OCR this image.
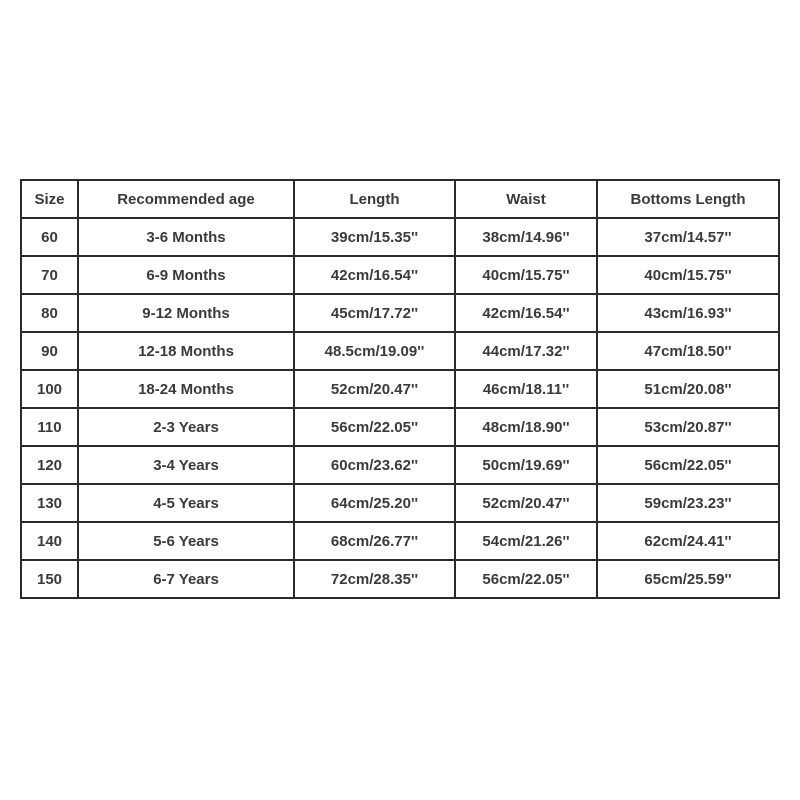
Size	Recommended age	Length	Waist	Bottoms Length
60	3-6 Months	39cm/15.35''	38cm/14.96''	37cm/14.57''
70	6-9 Months	42cm/16.54''	40cm/15.75''	40cm/15.75''
80	9-12 Months	45cm/17.72''	42cm/16.54''	43cm/16.93''
90	12-18 Months	48.5cm/19.09''	44cm/17.32''	47cm/18.50''
100	18-24 Months	52cm/20.47''	46cm/18.11''	51cm/20.08''
110	2-3 Years	56cm/22.05''	48cm/18.90''	53cm/20.87''
120	3-4 Years	60cm/23.62''	50cm/19.69''	56cm/22.05''
130	4-5 Years	64cm/25.20''	52cm/20.47''	59cm/23.23''
140	5-6 Years	68cm/26.77''	54cm/21.26''	62cm/24.41''
150	6-7 Years	72cm/28.35''	56cm/22.05''	65cm/25.59''
